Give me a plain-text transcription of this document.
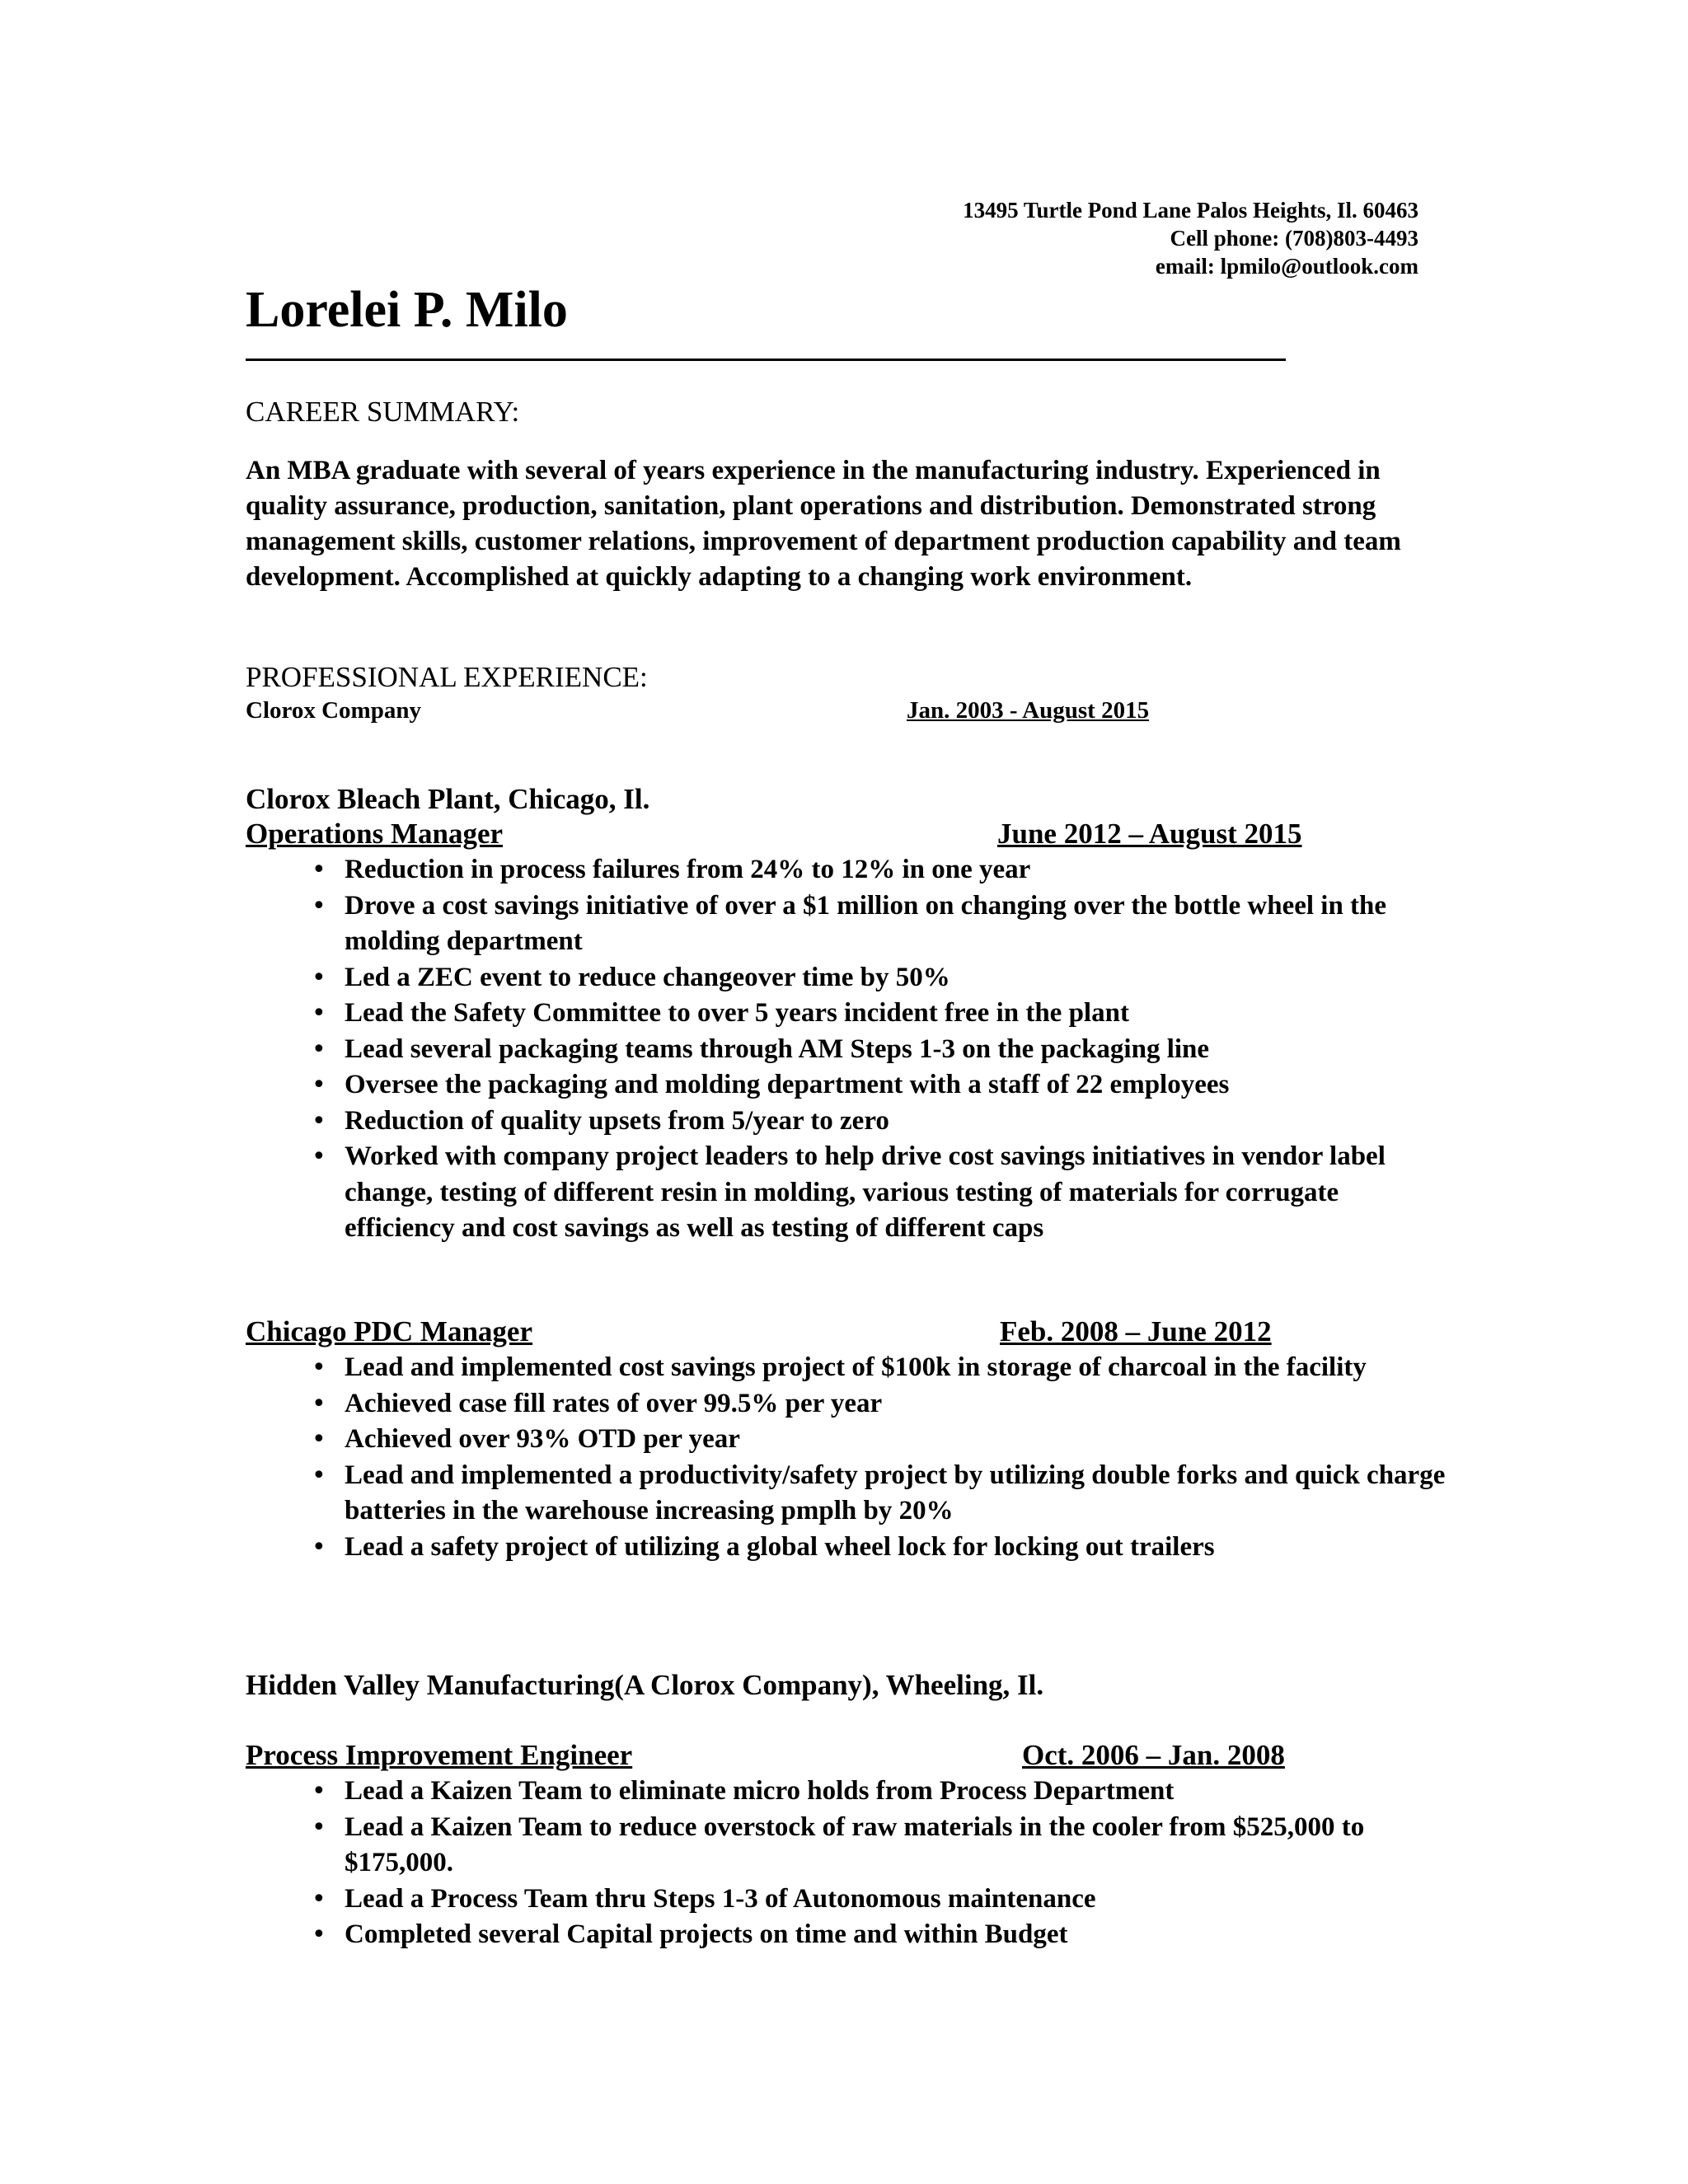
13495 Turtle Pond Lane Palos Heights, Il. 60463
Cell phone: (708)803-4493
email: lpmilo@outlook.com
Lorelei P. Milo
CAREER SUMMARY:

An MBA graduate with several of years experience in the manufacturing industry. Experienced in quality assurance, production, sanitation, plant operations and distribution. Demonstrated strong management skills, customer relations, improvement of department production capability and team development. Accomplished at quickly adapting to a changing work environment.

PROFESSIONAL EXPERIENCE:
Clorox Company	Jan. 2003 - August 2015

Clorox Bleach Plant, Chicago, Il.

Operations Manager	June 2012 – August 2015
• Reduction in process failures from 24% to 12% in one year
• Drove a cost savings initiative of over a $1 million on changing over the bottle wheel in the molding department
• Led a ZEC event to reduce changeover time by 50%
• Lead the Safety Committee to over 5 years incident free in the plant
• Lead several packaging teams through AM Steps 1-3 on the packaging line
• Oversee the packaging and molding department with a staff of 22 employees
• Reduction of quality upsets from 5/year to zero
• Worked with company project leaders to help drive cost savings initiatives in vendor label change, testing of different resin in molding, various testing of materials for corrugate efficiency and cost savings as well as testing of different caps
Chicago PDC Manager	Feb. 2008 – June 2012
• Lead and implemented cost savings project of $100k in storage of charcoal in the facility
• Achieved case fill rates of over 99.5% per year
• Achieved over 93% OTD per year
• Lead and implemented a productivity/safety project by utilizing double forks and quick charge batteries in the warehouse increasing pmplh by 20%
• Lead a safety project of utilizing a global wheel lock for locking out trailers

Hidden Valley Manufacturing(A Clorox Company), Wheeling, Il.

Process Improvement Engineer	Oct. 2006 – Jan. 2008
• Lead a Kaizen Team to eliminate micro holds from Process Department
• Lead a Kaizen Team to reduce overstock of raw materials in the cooler from $525,000 to $175,000.
• Lead a Process Team thru Steps 1-3 of Autonomous maintenance
• Completed several Capital projects on time and within Budget
